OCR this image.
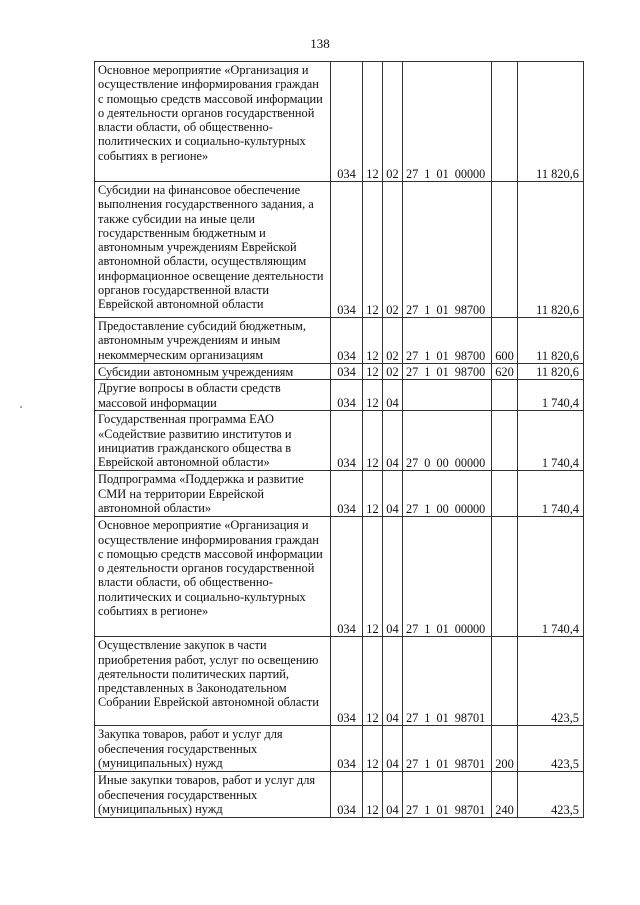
138
Основное мероприятие «Организация и осуществление информирования граждан с помощью средств массовой информации о деятельности органов государственной власти области, об общественно-политических и социально-культурных событиях в регионе»	034	12	02	27  1  01  00000		11 820,6
Субсидии на финансовое обеспечение выполнения государственного задания, а также субсидии на иные цели государственным бюджетным и автономным учреждениям Еврейской автономной области, осуществляющим информационное освещение деятельности органов государственной власти Еврейской автономной области	034	12	02	27  1  01  98700		11 820,6
Предоставление субсидий бюджетным, автономным учреждениям и иным некоммерческим организациям	034	12	02	27  1  01  98700	600	11 820,6
Субсидии автономным учреждениям	034	12	02	27  1  01  98700	620	11 820,6
Другие вопросы в области средств массовой информации	034	12	04			1 740,4
Государственная программа ЕАО «Содействие развитию институтов и инициатив гражданского общества в Еврейской автономной области»	034	12	04	27  0  00  00000		1 740,4
Подпрограмма «Поддержка и развитие СМИ на территории Еврейской автономной области»	034	12	04	27  1  00  00000		1 740,4
Основное мероприятие «Организация и осуществление информирования граждан с помощью средств массовой информации о деятельности органов государственной власти области, об общественно-политических и социально-культурных событиях в регионе»	034	12	04	27  1  01  00000		1 740,4
Осуществление закупок в части приобретения работ, услуг по освещению деятельности политических партий, представленных в Законодательном Собрании Еврейской автономной области	034	12	04	27  1  01  98701		423,5
Закупка товаров, работ и услуг для обеспечения государственных (муниципальных) нужд	034	12	04	27  1  01  98701	200	423,5
Иные закупки товаров, работ и услуг для обеспечения государственных (муниципальных) нужд	034	12	04	27  1  01  98701	240	423,5
